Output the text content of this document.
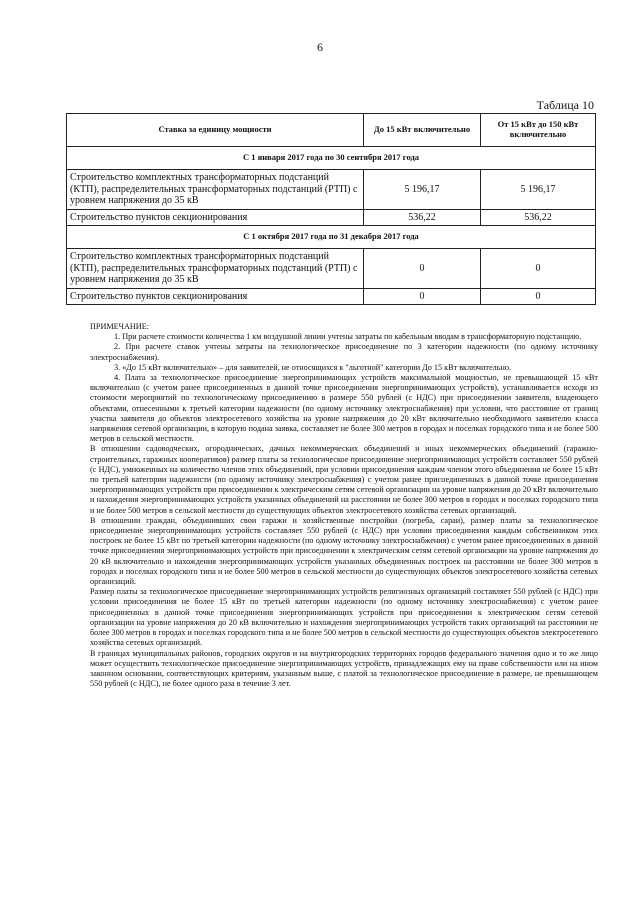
6
Таблица 10
Ставка за единицу мощности	До 15 кВт включительно	От 15 кВт до 150 кВт включительно
С 1 января 2017 года по 30 сентября 2017 года		
Строительство комплектных трансформаторных подстанций (КТП), распределительных трансформаторных подстанций (РТП) с уровнем напряжения до 35 кВ	5 196,17	5 196,17
Строительство пунктов секционирования	536,22	536,22
С 1 октября 2017 года по 31 декабря 2017 года		
Строительство комплектных трансформаторных подстанций (КТП), распределительных трансформаторных подстанций (РТП) с уровнем напряжения до 35 кВ	0	0
Строительство пунктов секционирования	0	0

ПРИМЕЧАНИЕ:

1. При расчете стоимости количества 1 км воздушной линии учтены затраты по кабельным вводам в трансформаторную подстанцию.

2. При расчете ставок учтены затраты на технологическое присоединение по 3 категории надежности (по одному источнику электроснабжения).

3. «До 15 кВт включительно» – для заявителей, не относящихся к "льготной" категории До 15 кВт включительно.

4. Плата за технологическое присоединение энергопринимающих устройств максимальной мощностью, не превышающей 15 кВт включительно (с учетом ранее присоединенных в данной точке присоединения энергопринимающих устройств), устанавливается исходя из стоимости мероприятий по технологическому присоединению в размере 550 рублей (с НДС) при присоединении заявителя, владеющего объектами, отнесенными к третьей категории надежности (по одному источнику электроснабжения) при условии, что расстояние от границ участка заявителя до объектов электросетевого хозяйства на уровне напряжения до 20 кВт включительно необходимого заявителю класса напряжения сетевой организации, в которую подана заявка, составляет не более 300 метров в городах и поселках городского типа и не более 500 метров в сельской местности.

В отношении садоводческих, огороднических, дачных некоммерческих объединений и иных некоммерческих объединений (гаражно-строительных, гаражных кооперативов) размер платы за технологическое присоединение энергопринимающих устройств составляет 550 рублей (с НДС), умноженных на количество членов этих объединений, при условии присоединения каждым членом этого объединения не более 15 кВт по третьей категории надежности (по одному источнику электроснабжения) с учетом ранее присоединенных в данной точке присоединения энергопринимающих устройств при присоединении к электрическим сетям сетевой организации на уровне напряжения до 20 кВт включительно и нахождения энергопринимающих устройств указанных объединений на расстоянии не более 300 метров в городах и поселках городского типа и не более 500 метров в сельской местности до существующих объектов электросетевого хозяйства сетевых организаций.

В отношении граждан, объединивших свои гаражи и хозяйственные постройки (погреба, сараи), размер платы за технологическое присоединение энергопринимающих устройств составляет 550 рублей (с НДС) при условии присоединения каждым собственником этих построек не более 15 кВт по третьей категории надежности (по одному источнику электроснабжения) с учетом ранее присоединенных в данной точке присоединения энергопринимающих устройств при присоединении к электрическим сетям сетевой организации на уровне напряжения до 20 кВ включительно и нахождения энергопринимающих устройств указанных объединенных построек на расстоянии не более 300 метров в городах и поселках городского типа и не более 500 метров в сельской местности до существующих объектов электросетевого хозяйства сетевых организаций.

Размер платы за технологическое присоединение энергопринимающих устройств религиозных организаций составляет 550 рублей (с НДС) при условии присоединения не более 15 кВт по третьей категории надежности (по одному источнику электроснабжения) с учетом ранее присоединенных в данной точке присоединения энергопринимающих устройств при присоединении к электрическим сетям сетевой организации на уровне напряжения до 20 кВ включительно и нахождения энергопринимающих устройств таких организаций на расстоянии не более 300 метров в городах и поселках городского типа и не более 500 метров в сельской местности до существующих объектов электросетевого хозяйства сетевых организаций.

В границах муниципальных районов, городских округов и на внутригородских территориях городов федерального значения одно и то же лицо может осуществить технологическое присоединение энергопринимающих устройств, принадлежащих ему на праве собственности или на ином законном основании, соответствующих критериям, указанным выше, с платой за технологическое присоединение в размере, не превышающем 550 рублей (с НДС), не более одного раза в течение 3 лет.
